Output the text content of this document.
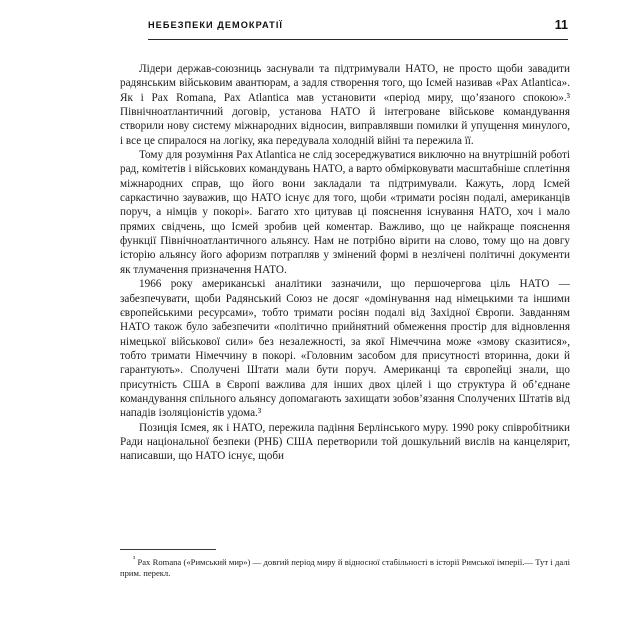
НЕБЕЗПЕКИ ДЕМОКРАТІЇ	11

Лідери держав-союзниць заснували та підтримували НАТО, не просто щоби завадити радянським військовим авантюрам, а задля створення того, що Ісмей називав «Pax Atlantica». Як і Pax Romana, Pax Atlantica мав установити «період миру, що’язаного спокою».³ Північноатлантичний договір, установа НАТО й інтегроване військове командування створили нову систему міжнародних відносин, виправлявши помилки й упущення минулого, і все це спиралося на логіку, яка передувала холодній війні та пережила її.

Тому для розуміння Pax Atlantica не слід зосереджуватися виключно на внутрішній роботі рад, комітетів і військових командувань НАТО, а варто обмірковувати масштабніше сплетіння міжнародних справ, що його вони закладали та підтримували. Кажуть, лорд Ісмей саркастично зауважив, що НАТО існує для того, щоби «тримати росіян подалі, американців поруч, а німців у покорі». Багато хто цитував ці пояснення існування НАТО, хоч і мало прямих свідчень, що Ісмей зробив цей коментар. Важливо, що це найкраще пояснення функції Північноатлантичного альянсу. Нам не потрібно вірити на слово, тому що на довгу історію альянсу його афоризм потрапляв у змінений формі в незлічені політичні документи як тлумачення призначення НАТО.

1966 року американські аналітики зазначили, що першочергова ціль НАТО — забезпечувати, щоби Радянський Союз не досяг «домінування над німецькими та іншими європейськими ресурсами», тобто тримати росіян подалі від Західної Європи. Завданням НАТО також було забезпечити «політично прийнятний обмеження простір для відновлення німецької військової сили» без незалежності, за якої Німеччина може «змову сказитися», тобто тримати Німеччину в покорі. «Головним засобом для присутності вторинна, доки й гарантують». Сполучені Штати мали бути поруч. Американці та європейці знали, що присутність США в Європі важлива для інших двох цілей і що структура й об’єднане командування спільного альянсу допомагають захищати зобов’язання Сполучених Штатів від нападів ізоляціоністів удома.³

Позиція Ісмея, як і НАТО, пережила падіння Берлінського муру. 1990 року співробітники Ради національної безпеки (РНБ) США перетворили той дошкульний вислів на канцелярит, написавши, що НАТО існує, щоби

$^{^3}$ Pax Romana («Римський мир») — довгий період миру й відносної стабільності в історії Римської імперії.— Тут і далі прим. перекл.
